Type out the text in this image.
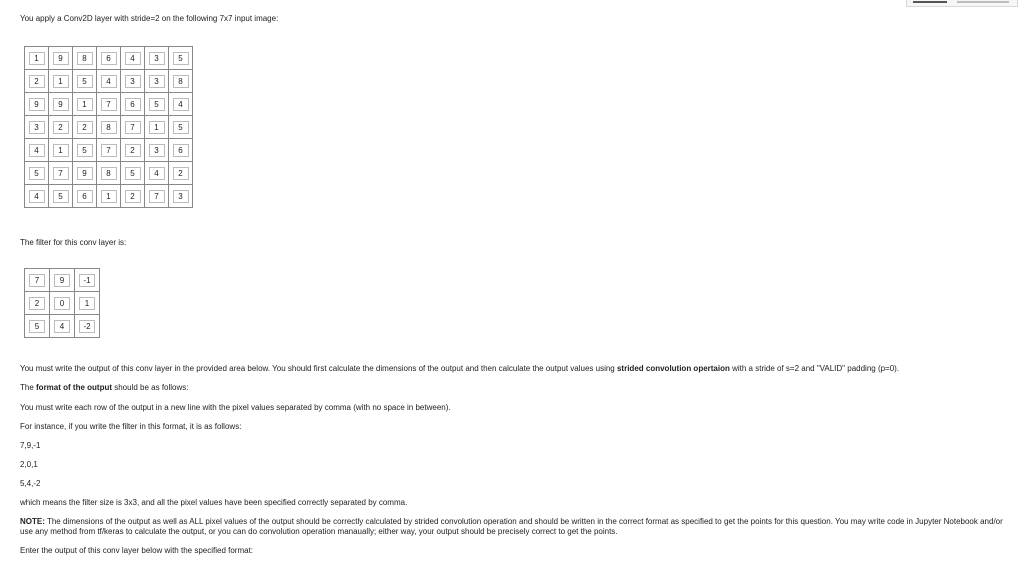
You apply a Conv2D layer with stride=2 on the following 7x7 input image:
1	9	8	6	4	3	5
2	1	5	4	3	3	8
9	9	1	7	6	5	4
3	2	2	8	7	1	5
4	1	5	7	2	3	6
5	7	9	8	5	4	2
4	5	6	1	2	7	3
The filter for this conv layer is:
7	9	-1
2	0	1
5	4	-2
You must write the output of this conv layer in the provided area below. You should first calculate the dimensions of the output and then calculate the output values using strided convolution opertaion with a stride of s=2 and "VALID" padding (p=0).
The format of the output should be as follows:
You must write each row of the output in a new line with the pixel values separated by comma (with no space in between).
For instance, if you write the filter in this format, it is as follows:
7,9,-1
2,0,1
5,4,-2
which means the filter size is 3x3, and all the pixel values have been specified correctly separated by comma.
NOTE: The dimensions of the output as well as ALL pixel values of the output should be correctly calculated by strided convolution operation and should be written in the correct format as specified to get the points for this question. You may write code in Jupyter Notebook and/or use any method from tf/keras to calculate the output, or you can do convolution operation manaually; either way, your output should be precisely correct to get the points.
Enter the output of this conv layer below with the specified format:
